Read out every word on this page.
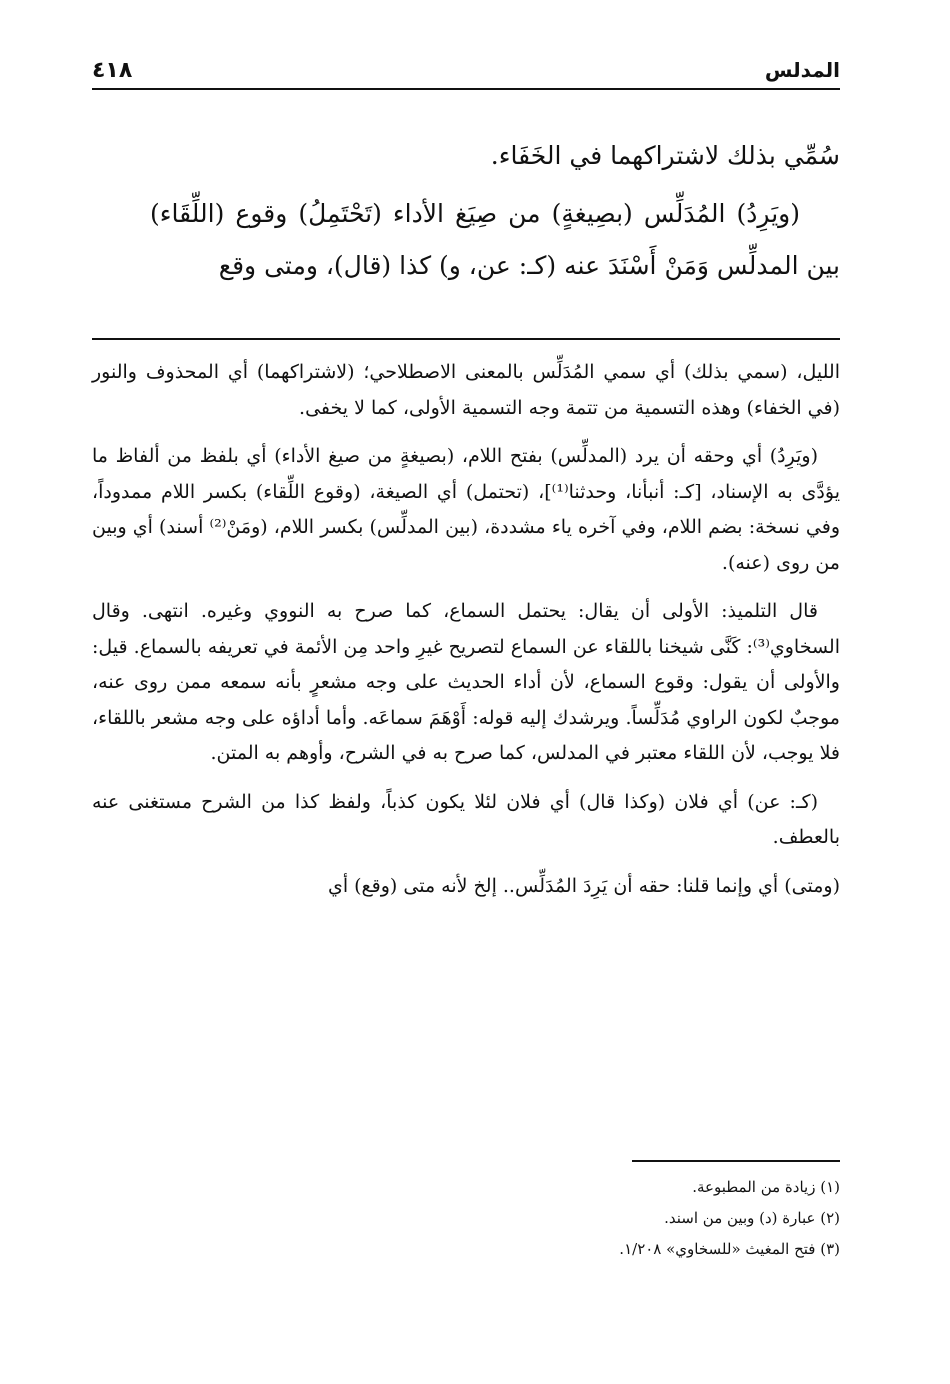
٤١٨	المدلس

سُمِّي بذلك لاشتراكهما في الخَفَاء.

(ويَرِدُ) المُدَلِّس (بصِيغةٍ) من صِيَغ الأداء (تَحْتَمِلُ) وقوع (اللِّقَاء) بين المدلِّس وَمَنْ أَسْنَدَ عنه (كـ: عن، و) كذا (قال)، ومتى وقع

الليل، (سمي بذلك) أي سمي المُدَلِّس بالمعنى الاصطلاحي؛ (لاشتراكهما) أي المحذوف والنور (في الخفاء) وهذه التسمية من تتمة وجه التسمية الأولى، كما لا يخفى.

(ويَرِدُ) أي وحقه أن يرد (المدلِّس) بفتح اللام، (بصيغةٍ من صيغ الأداء) أي بلفظ من ألفاظ ما يؤدَّى به الإسناد، [كـ: أنبأنا، وحدثنا⁽¹⁾]، (تحتمل) أي الصيغة، (وقوع اللِّقاء) بكسر اللام ممدوداً، وفي نسخة: بضم اللام، وفي آخره ياء مشددة، (بين المدلِّس) بكسر اللام، (ومَنْ⁽²⁾ أسند) أي وبين من روى (عنه).

قال التلميذ: الأولى أن يقال: يحتمل السماع، كما صرح به النووي وغيره. انتهى. وقال السخاوي⁽³⁾: كَنَّى شيخنا باللقاء عن السماع لتصريح غيرِ واحد مِن الأئمة في تعريفه بالسماع. قيل: والأولى أن يقول: وقوع السماع، لأن أداء الحديث على وجه مشعرٍ بأنه سمعه ممن روى عنه، موجبٌ لكون الراوي مُدَلِّساً. ويرشدك إليه قوله: أَوْهَمَ سماعَه. وأما أداؤه على وجه مشعر باللقاء، فلا يوجب، لأن اللقاء معتبر في المدلس، كما صرح به في الشرح، وأوهم به المتن.

(كـ: عن) أي فلان (وكذا قال) أي فلان لئلا يكون كذباً، ولفظ كذا من الشرح مستغنى عنه بالعطف.

(ومتى) أي وإنما قلنا: حقه أن يَرِدَ المُدَلِّس.. إلخ لأنه متى (وقع) أي

(١) زيادة من المطبوعة.
(٢) عبارة (د) وبين من اسند.
(٣) فتح المغيث «للسخاوي» ١/٢٠٨.
